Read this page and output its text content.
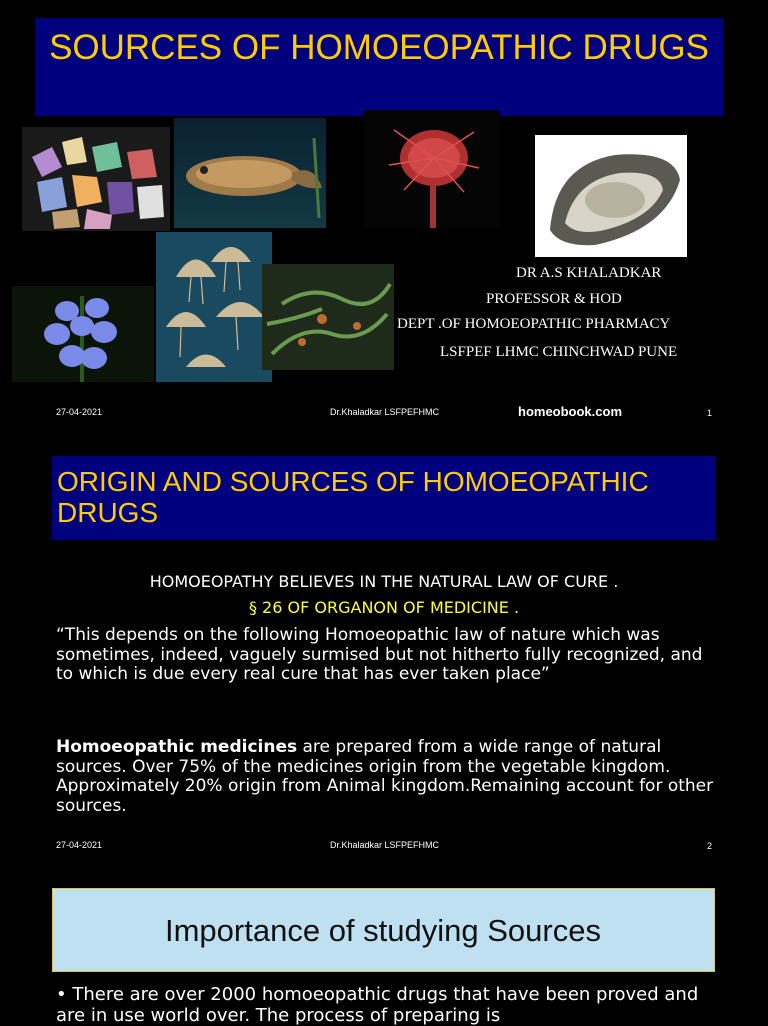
SOURCES OF HOMOEOPATHIC DRUGS
DR A.S KHALADKAR
PROFESSOR & HOD
DEPT .OF HOMOEOPATHIC PHARMACY
LSFPEF LHMC CHINCHWAD PUNE
27-04-2021	Dr.Khaladkar LSFPEFHMC	homeobook.com	1
ORIGIN AND SOURCES OF HOMOEOPATHIC DRUGS
HOMOEOPATHY BELIEVES IN THE NATURAL LAW OF CURE .
§ 26 OF ORGANON OF MEDICINE .
“This depends on the following Homoeopathic law of nature which was sometimes, indeed, vaguely surmised but not hitherto fully recognized, and to which is due every real cure that has ever taken place”
Homoeopathic medicines are prepared from a wide range of natural sources. Over 75% of the medicines origin from the vegetable kingdom. Approximately 20% origin from Animal kingdom.Remaining account for other sources.
27-04-2021	Dr.Khaladkar LSFPEFHMC	2
Importance of studying Sources
• There are over 2000 homoeopathic drugs that have been proved and are in use world over. The process of preparing is
